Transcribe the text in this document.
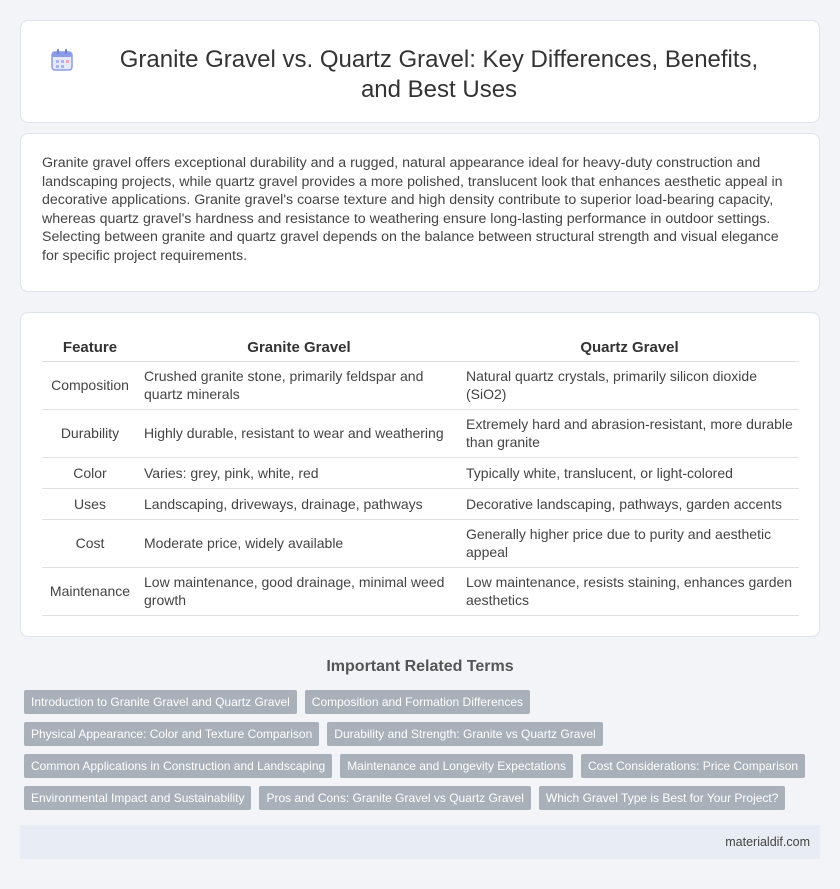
Granite Gravel vs. Quartz Gravel: Key Differences, Benefits, and Best Uses

Granite gravel offers exceptional durability and a rugged, natural appearance ideal for heavy-duty construction and landscaping projects, while quartz gravel provides a more polished, translucent look that enhances aesthetic appeal in decorative applications. Granite gravel's coarse texture and high density contribute to superior load-bearing capacity, whereas quartz gravel's hardness and resistance to weathering ensure long-lasting performance in outdoor settings. Selecting between granite and quartz gravel depends on the balance between structural strength and visual elegance for specific project requirements.

Feature	Granite Gravel	Quartz Gravel
Composition	Crushed granite stone, primarily feldspar and quartz minerals	Natural quartz crystals, primarily silicon dioxide (SiO2)
Durability	Highly durable, resistant to wear and weathering	Extremely hard and abrasion-resistant, more durable than granite
Color	Varies: grey, pink, white, red	Typically white, translucent, or light-colored
Uses	Landscaping, driveways, drainage, pathways	Decorative landscaping, pathways, garden accents
Cost	Moderate price, widely available	Generally higher price due to purity and aesthetic appeal
Maintenance	Low maintenance, good drainage, minimal weed growth	Low maintenance, resists staining, enhances garden aesthetics
Important Related Terms
Introduction to Granite Gravel and Quartz Gravel	Composition and Formation Differences
Physical Appearance: Color and Texture Comparison	Durability and Strength: Granite vs Quartz Gravel
Common Applications in Construction and Landscaping	Maintenance and Longevity Expectations	Cost Considerations: Price Comparison
Environmental Impact and Sustainability	Pros and Cons: Granite Gravel vs Quartz Gravel	Which Gravel Type is Best for Your Project?
materialdif.com
